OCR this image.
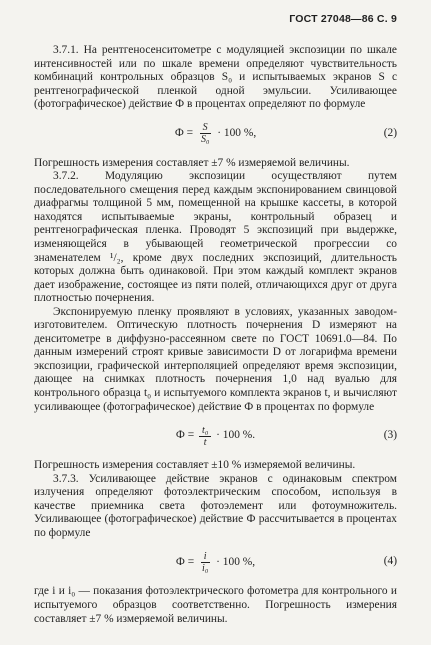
ГОСТ 27048—86 С. 9

3.7.1. На рентгеносенситометре с модуляцией экспозиции по шкале интенсивностей или по шкале времени определяют чувствительность комбинаций контрольных образцов S₀ и испытываемых экранов S с рентгенографической пленкой одной эмульсии. Усиливающее (фотографическое) действие Ф в процентах определяют по формуле

$Ф = \frac{S}{\text{S₀}} \cdot 100$ %,	(2)

Погрешность измерения составляет ±7 % измеряемой величины.

3.7.2. Модуляцию экспозиции осуществляют путем последовательного смещения перед каждым экспонированием свинцовой диафрагмы толщиной 5 мм, помещенной на крышке кассеты, в которой находятся испытываемые экраны, контрольный образец и рентгенографическая пленка. Проводят 5 экспозиций при выдержке, изменяющейся в убывающей геометрической прогрессии со знаменателем ¹/₂, кроме двух последних экспозиций, длительность которых должна быть одинаковой. При этом каждый комплект экранов дает изображение, состоящее из пяти полей, отличающихся друг от друга плотностью почернения.

Экспонируемую пленку проявляют в условиях, указанных заводом-изготовителем. Оптическую плотность почернения D измеряют на денситометре в диффузно-рассеянном свете по ГОСТ 10691.0—84. По данным измерений строят кривые зависимости D от логарифма времени экспозиции, графической интерполяцией определяют время экспозиции, дающее на снимках плотность почернения 1,0 над вуалью для контрольного образца t₀ и испытуемого комплекта экранов t, и вычисляют усиливающее (фотографическое) действие Ф в процентах по формуле

$Ф = \frac{\text{t₀}}{t} \cdot 100$ %.	(3)

Погрешность измерения составляет ±10 % измеряемой величины.

3.7.3. Усиливающее действие экранов с одинаковым спектром излучения определяют фотоэлектрическим способом, используя в качестве приемника света фотоэлемент или фотоумножитель. Усиливающее (фотографическое) действие Ф рассчитывается в процентах по формуле

$Ф = \frac{i}{\text{i₀}} \cdot 100$ %,	(4)

где i и i₀ — показания фотоэлектрического фотометра для контрольного и испытуемого образцов соответственно. Погрешность измерения составляет ±7 % измеряемой величины.
